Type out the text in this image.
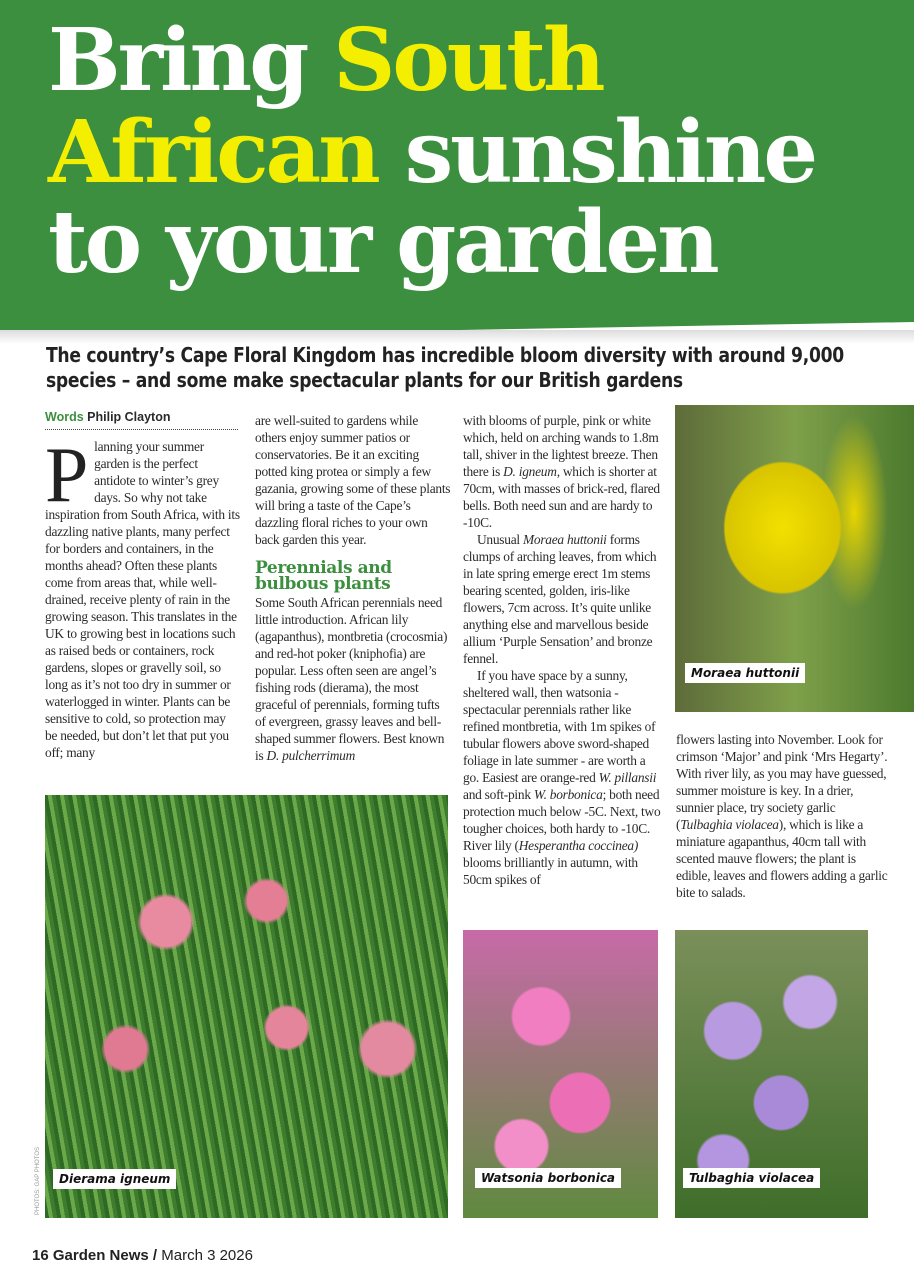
Bring South
African sunshine
to your garden
The country’s Cape Floral Kingdom has incredible bloom diversity with around 9,000 species – and some make spectacular plants for our British gardens
Words Philip Clayton
P lanning your summer garden is the perfect antidote to winter’s grey days. So why not take inspiration from South Africa, with its dazzling native plants, many perfect for borders and containers, in the months ahead? Often these plants come from areas that, while well-drained, receive plenty of rain in the growing season. This translates in the UK to growing best in locations such as raised beds or containers, rock gardens, slopes or gravelly soil, so long as it’s not too dry in summer or waterlogged in winter. Plants can be sensitive to cold, so protection may be needed, but don’t let that put you off; many

are well-suited to gardens while others enjoy summer patios or conservatories. Be it an exciting potted king protea or simply a few gazania, growing some of these plants will bring a taste of the Cape’s dazzling floral riches to your own back garden this year.

Perennials and bulbous plants

Some South African perennials need little introduction. African lily (agapanthus), montbretia (crocosmia) and red-hot poker (kniphofia) are popular. Less often seen are angel’s fishing rods (dierama), the most graceful of perennials, forming tufts of evergreen, grassy leaves and bell-shaped summer flowers. Best known is D. pulcherrimum

with blooms of purple, pink or white which, held on arching wands to 1.8m tall, shiver in the lightest breeze. Then there is D. igneum, which is shorter at 70cm, with masses of brick-red, flared bells. Both need sun and are hardy to -10C.

Unusual Moraea huttonii forms clumps of arching leaves, from which in late spring emerge erect 1m stems bearing scented, golden, iris-like flowers, 7cm across. It’s quite unlike anything else and marvellous beside allium ‘Purple Sensation’ and bronze fennel.

If you have space by a sunny, sheltered wall, then watsonia - spectacular perennials rather like refined montbretia, with 1m spikes of tubular flowers above sword-shaped foliage in late summer - are worth a go. Easiest are orange-red W. pillansii and soft-pink W. borbonica; both need protection much below -5C. Next, two tougher choices, both hardy to -10C. River lily (Hesperantha coccinea) blooms brilliantly in autumn, with 50cm spikes of

flowers lasting into November. Look for crimson ‘Major’ and pink ‘Mrs Hegarty’. With river lily, as you may have guessed, summer moisture is key. In a drier, sunnier place, try society garlic (Tulbaghia violacea), which is like a miniature agapanthus, 40cm tall with scented mauve flowers; the plant is edible, leaves and flowers adding a garlic bite to salads.

Moraea huttonii
Dierama igneum
PHOTOS: GAP PHOTOS	Watsonia borbonica	Tulbaghia violacea
16 Garden News / March 3 2026
